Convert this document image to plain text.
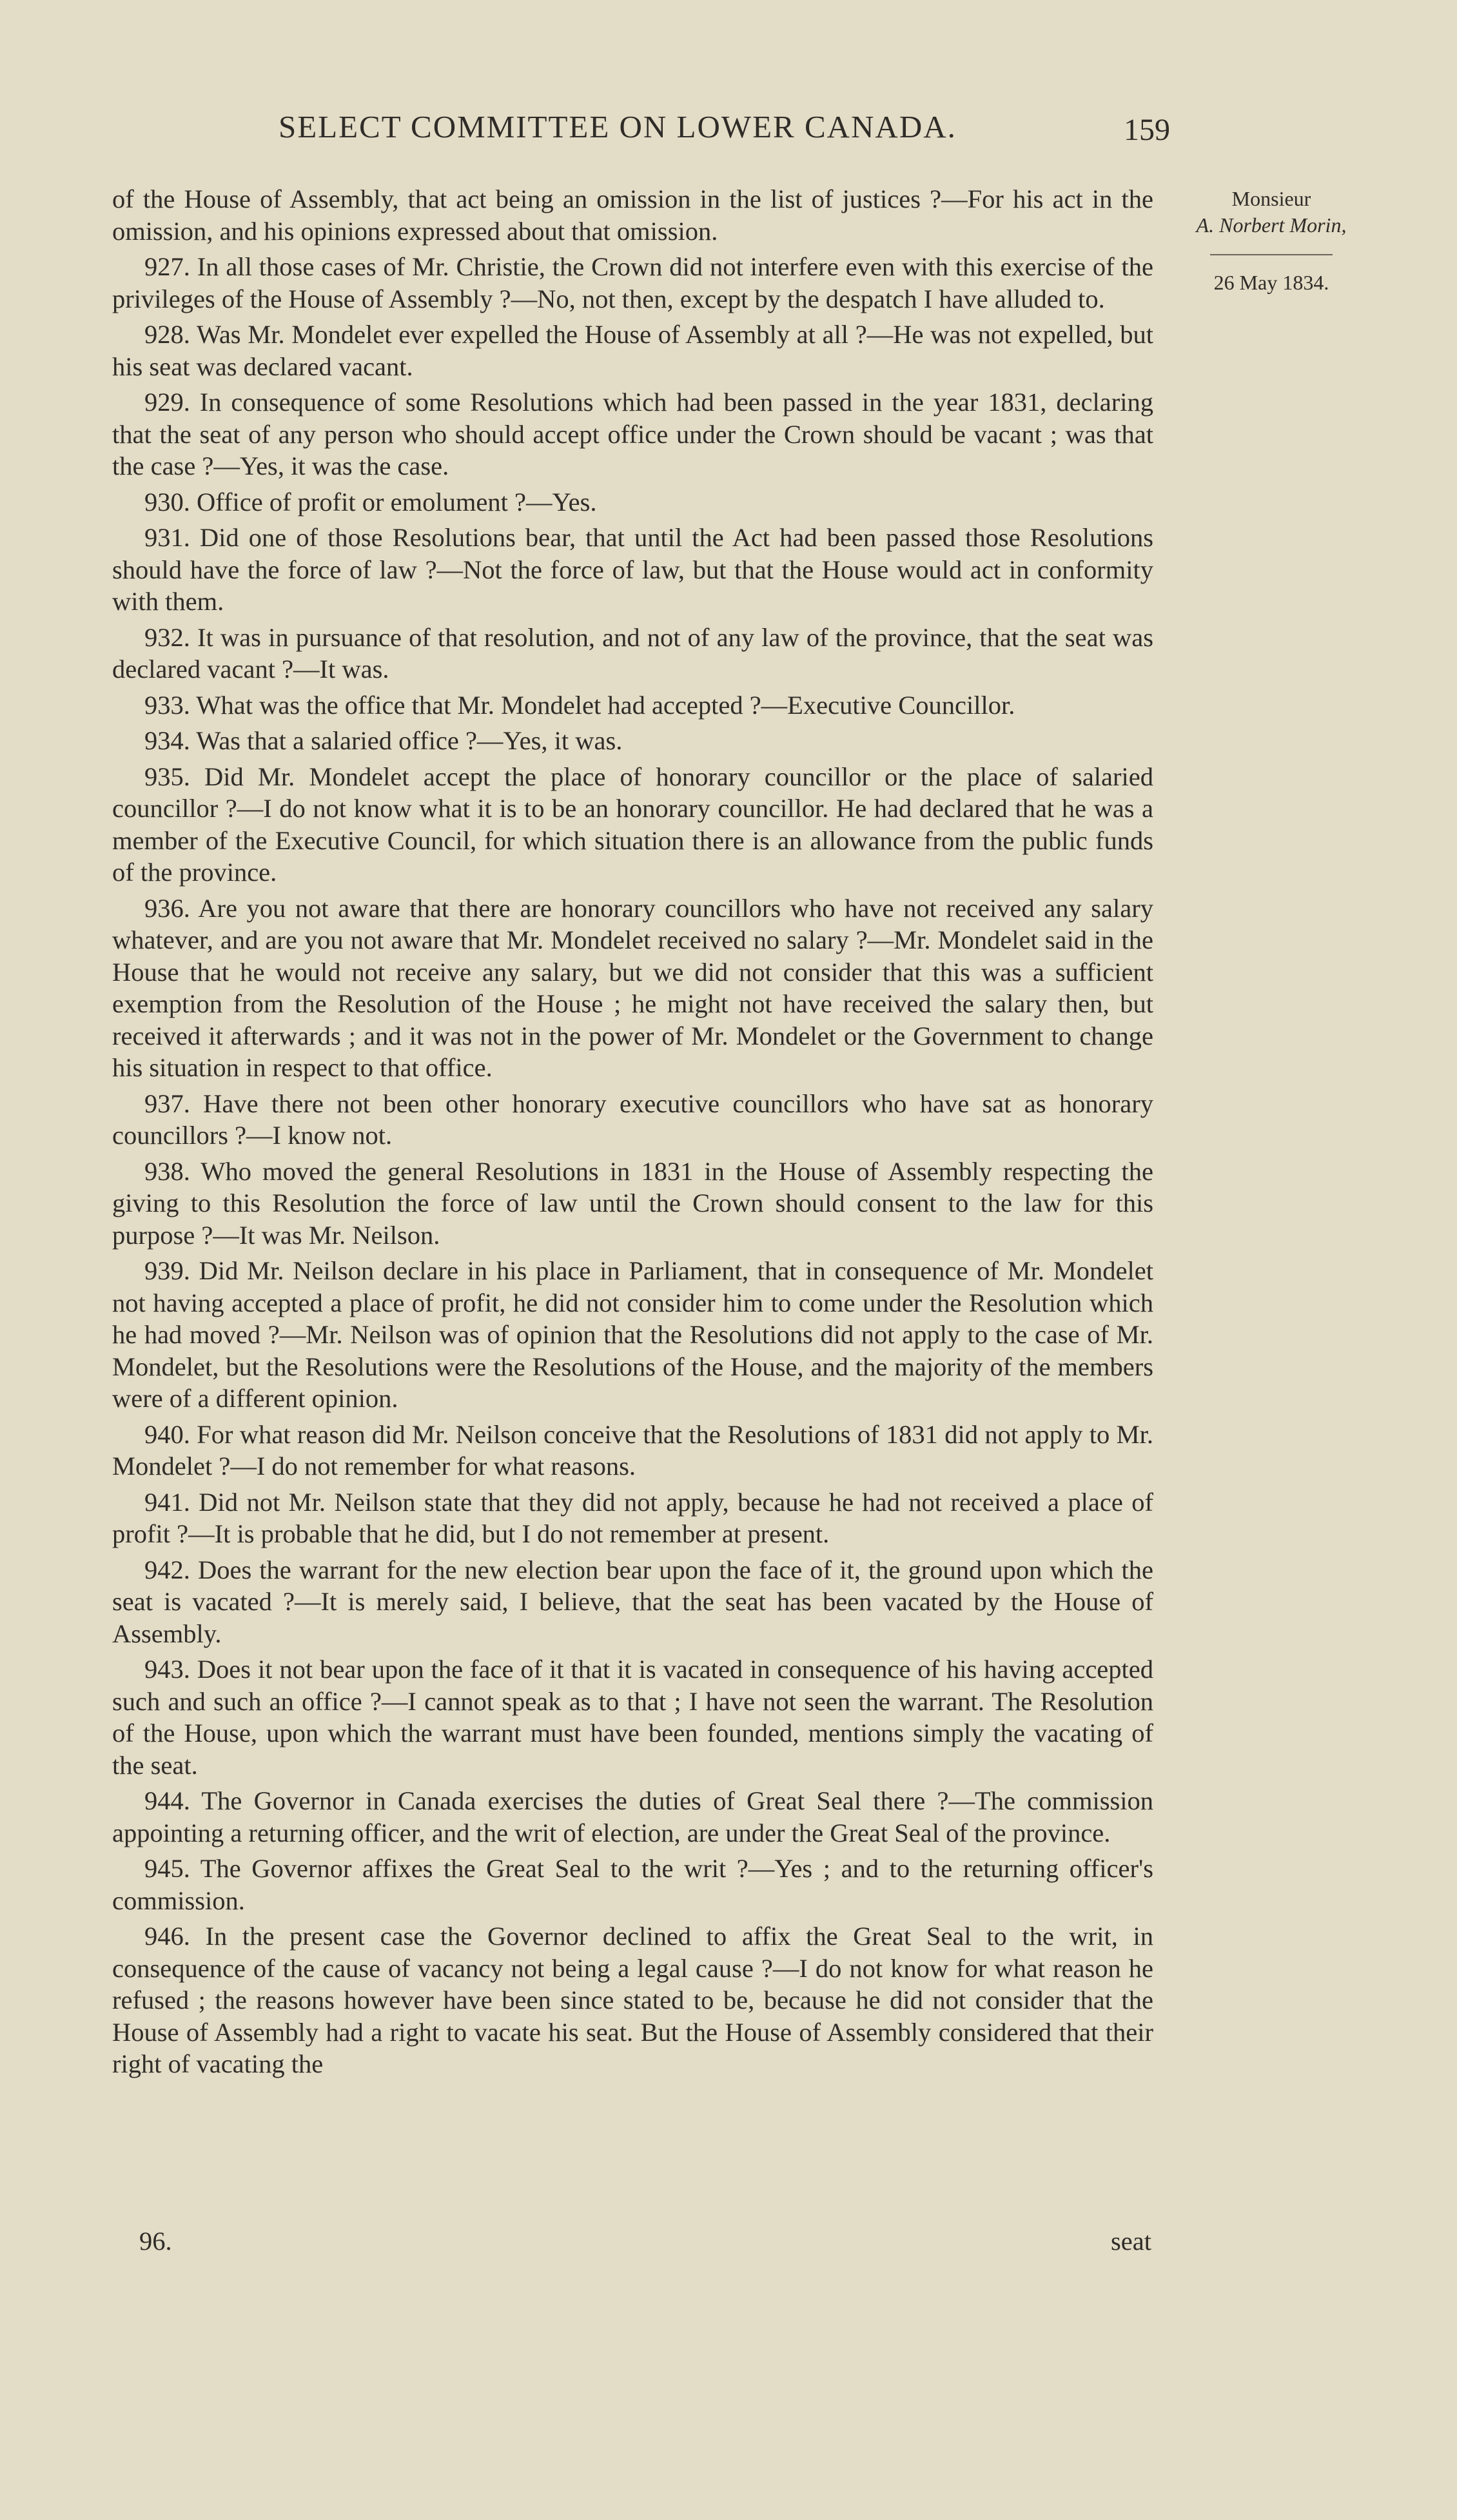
SELECT COMMITTEE ON LOWER CANADA.	159
Monsieur
A. Norbert Morin,
26 May 1834.

of the House of Assembly, that act being an omission in the list of justices ?—For his act in the omission, and his opinions expressed about that omission.

927. In all those cases of Mr. Christie, the Crown did not interfere even with this exercise of the privileges of the House of Assembly ?—No, not then, except by the despatch I have alluded to.

928. Was Mr. Mondelet ever expelled the House of Assembly at all ?—He was not expelled, but his seat was declared vacant.

929. In consequence of some Resolutions which had been passed in the year 1831, declaring that the seat of any person who should accept office under the Crown should be vacant ; was that the case ?—Yes, it was the case.

930. Office of profit or emolument ?—Yes.

931. Did one of those Resolutions bear, that until the Act had been passed those Resolutions should have the force of law ?—Not the force of law, but that the House would act in conformity with them.

932. It was in pursuance of that resolution, and not of any law of the province, that the seat was declared vacant ?—It was.

933. What was the office that Mr. Mondelet had accepted ?—Executive Councillor.

934. Was that a salaried office ?—Yes, it was.

935. Did Mr. Mondelet accept the place of honorary councillor or the place of salaried councillor ?—I do not know what it is to be an honorary councillor. He had declared that he was a member of the Executive Council, for which situation there is an allowance from the public funds of the province.

936. Are you not aware that there are honorary councillors who have not received any salary whatever, and are you not aware that Mr. Mondelet received no salary ?—Mr. Mondelet said in the House that he would not receive any salary, but we did not consider that this was a sufficient exemption from the Resolution of the House ; he might not have received the salary then, but received it afterwards ; and it was not in the power of Mr. Mondelet or the Government to change his situation in respect to that office.

937. Have there not been other honorary executive councillors who have sat as honorary councillors ?—I know not.

938. Who moved the general Resolutions in 1831 in the House of Assembly respecting the giving to this Resolution the force of law until the Crown should consent to the law for this purpose ?—It was Mr. Neilson.

939. Did Mr. Neilson declare in his place in Parliament, that in consequence of Mr. Mondelet not having accepted a place of profit, he did not consider him to come under the Resolution which he had moved ?—Mr. Neilson was of opinion that the Resolutions did not apply to the case of Mr. Mondelet, but the Resolutions were the Resolutions of the House, and the majority of the members were of a different opinion.

940. For what reason did Mr. Neilson conceive that the Resolutions of 1831 did not apply to Mr. Mondelet ?—I do not remember for what reasons.

941. Did not Mr. Neilson state that they did not apply, because he had not received a place of profit ?—It is probable that he did, but I do not remember at present.

942. Does the warrant for the new election bear upon the face of it, the ground upon which the seat is vacated ?—It is merely said, I believe, that the seat has been vacated by the House of Assembly.

943. Does it not bear upon the face of it that it is vacated in consequence of his having accepted such and such an office ?—I cannot speak as to that ; I have not seen the warrant. The Resolution of the House, upon which the warrant must have been founded, mentions simply the vacating of the seat.

944. The Governor in Canada exercises the duties of Great Seal there ?—The commission appointing a returning officer, and the writ of election, are under the Great Seal of the province.

945. The Governor affixes the Great Seal to the writ ?—Yes ; and to the returning officer's commission.

946. In the present case the Governor declined to affix the Great Seal to the writ, in consequence of the cause of vacancy not being a legal cause ?—I do not know for what reason he refused ; the reasons however have been since stated to be, because he did not consider that the House of Assembly had a right to vacate his seat. But the House of Assembly considered that their right of vacating the

96.	seat
